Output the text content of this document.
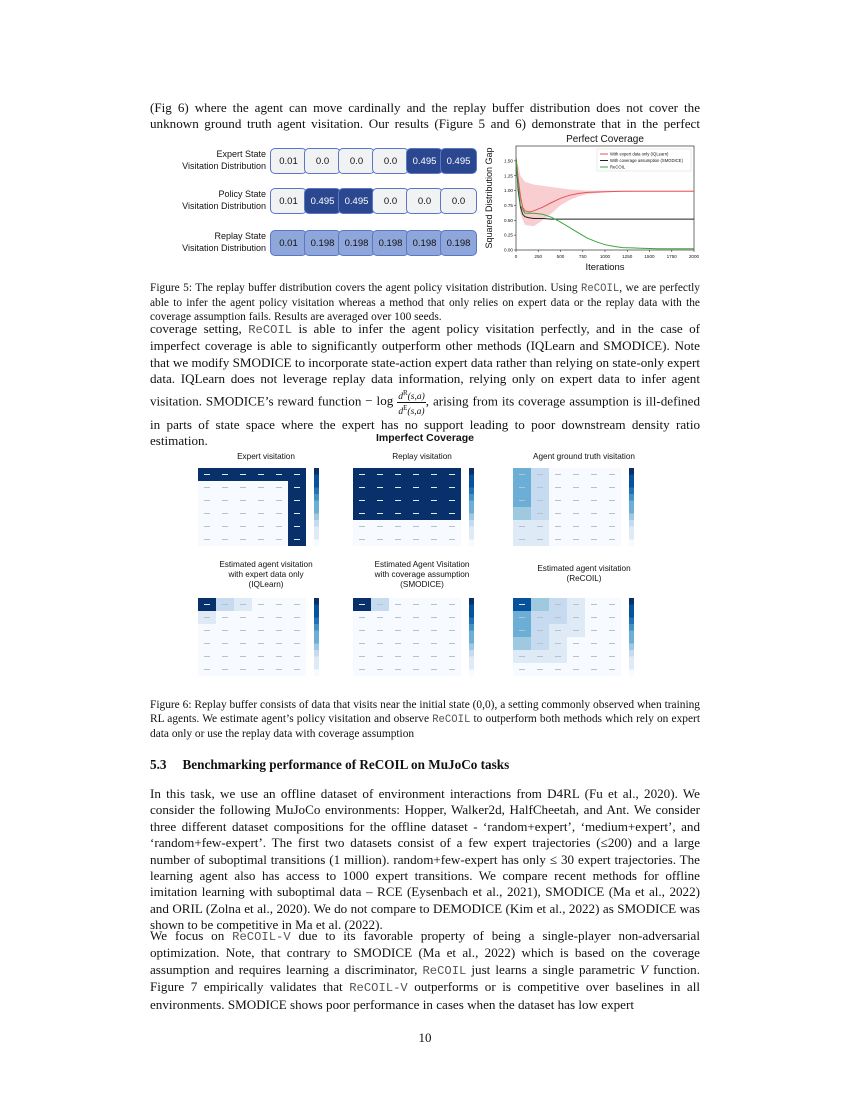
(Fig 6) where the agent can move cardinally and the replay buffer distribution does not cover the
unknown ground truth agent visitation. Our results (Figure 5 and 6) demonstrate that in the perfect
Expert State
Visitation Distribution	0.01	0.0	0.0	0.0	0.495	0.495
Policy State
Visitation Distribution	0.01	0.495	0.495	0.0	0.0	0.0
Replay State
Visitation Distribution	0.01	0.198	0.198	0.198	0.198	0.198
Perfect Coverage
0	250	500	750	1000	1250	1500	1750	2000
0.00
0.25
0.50
0.75
1.00
1.25
1.50
Iterations
Squared Distribution Gap	With expert data only (IQLearn)
With coverage assumption (SMODICE)
ReCOIL
Figure 5: The replay buffer distribution covers the agent policy visitation distribution. Using ReCOIL, we are perfectly able to infer the agent policy visitation whereas a method that only relies on expert data or the replay data with the coverage assumption fails. Results are averaged over 100 seeds.
coverage setting, ReCOIL is able to infer the agent policy visitation perfectly, and in the case of imperfect coverage is able to significantly outperform other methods (IQLearn and SMODICE). Note that we modify SMODICE to incorporate state-action expert data rather than relying on state-only expert data. IQLearn does not leverage replay data information, relying only on expert data to infer agent visitation. SMODICE’s reward function − $\log \frac{d^R(s,a)}{d^E(s,a)}$ , arising from its coverage assumption is ill-defined in parts of state space where the expert has no support leading to poor downstream density ratio estimation.	Imperfect Coverage
Expert visitation	Replay visitation	Agent ground truth visitation
Estimated agent visitation
with expert data only
(IQLearn)
Estimated Agent Visitation
with coverage assumption
(SMODICE)
Estimated agent visitation
(ReCOIL)
Figure 6: Replay buffer consists of data that visits near the initial state (0,0), a setting commonly observed when training RL agents. We estimate agent’s policy visitation and observe ReCOIL to outperform both methods which rely on expert data only or use the replay data with coverage assumption
5.3 Benchmarking performance of ReCOIL on MuJoCo tasks
In this task, we use an offline dataset of environment interactions from D4RL (Fu et al., 2020). We consider the following MuJoCo environments: Hopper, Walker2d, HalfCheetah, and Ant. We consider three different dataset compositions for the offline dataset - ‘random+expert’, ‘medium+expert’, and ‘random+few-expert’. The first two datasets consist of a few expert trajectories (≤200) and a large number of suboptimal transitions (1 million). random+few-expert has only ≤ 30 expert trajectories. The learning agent also has access to 1000 expert transitions. We compare recent methods for offline imitation learning with suboptimal data – RCE (Eysenbach et al., 2021), SMODICE (Ma et al., 2022) and ORIL (Zolna et al., 2020). We do not compare to DEMODICE (Kim et al., 2022) as SMODICE was shown to be competitive in Ma et al. (2022).
We focus on ReCOIL-V due to its favorable property of being a single-player non-adversarial optimization. Note, that contrary to SMODICE (Ma et al., 2022) which is based on the coverage assumption and requires learning a discriminator, ReCOIL just learns a single parametric V function. Figure 7 empirically validates that ReCOIL-V outperforms or is competitive over baselines in all environments. SMODICE shows poor performance in cases when the dataset has low expert
10
